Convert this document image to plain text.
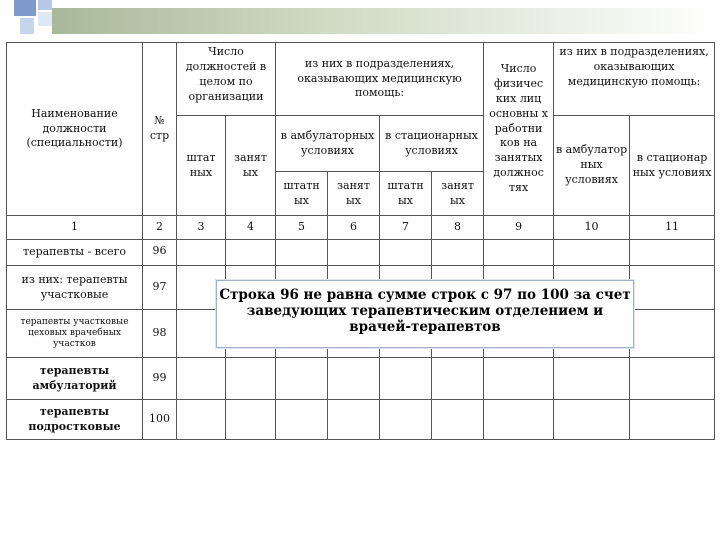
Наименование должности (специальности)	№ стр	Число должностей в целом по организации		из них в подразделениях, оказывающих медицинскую помощь:				Число физичес ких лиц основны х работни ков на занятых должнос тях	из них в подразделениях, оказывающих медицинскую помощь:	
		штат ных	занят ых	в амбулаторных условиях		в стационарных условиях			в амбулатор ных условиях	в стационар ных условиях
				штатн ых	занят ых	штатн ых	занят ых			
1	2	3	4	5	6	7	8	9	10	11
терапевты - всего	96									
из них: терапевты участковые	97									
терапевты участковые цеховых врачебных участков	98									
терапевты амбулаторий	99									
терапевты подростковые	100									
Строка 96 не равна сумме строк с 97 по 100 за счет заведующих терапевтическим отделением и врачей-терапевтов
